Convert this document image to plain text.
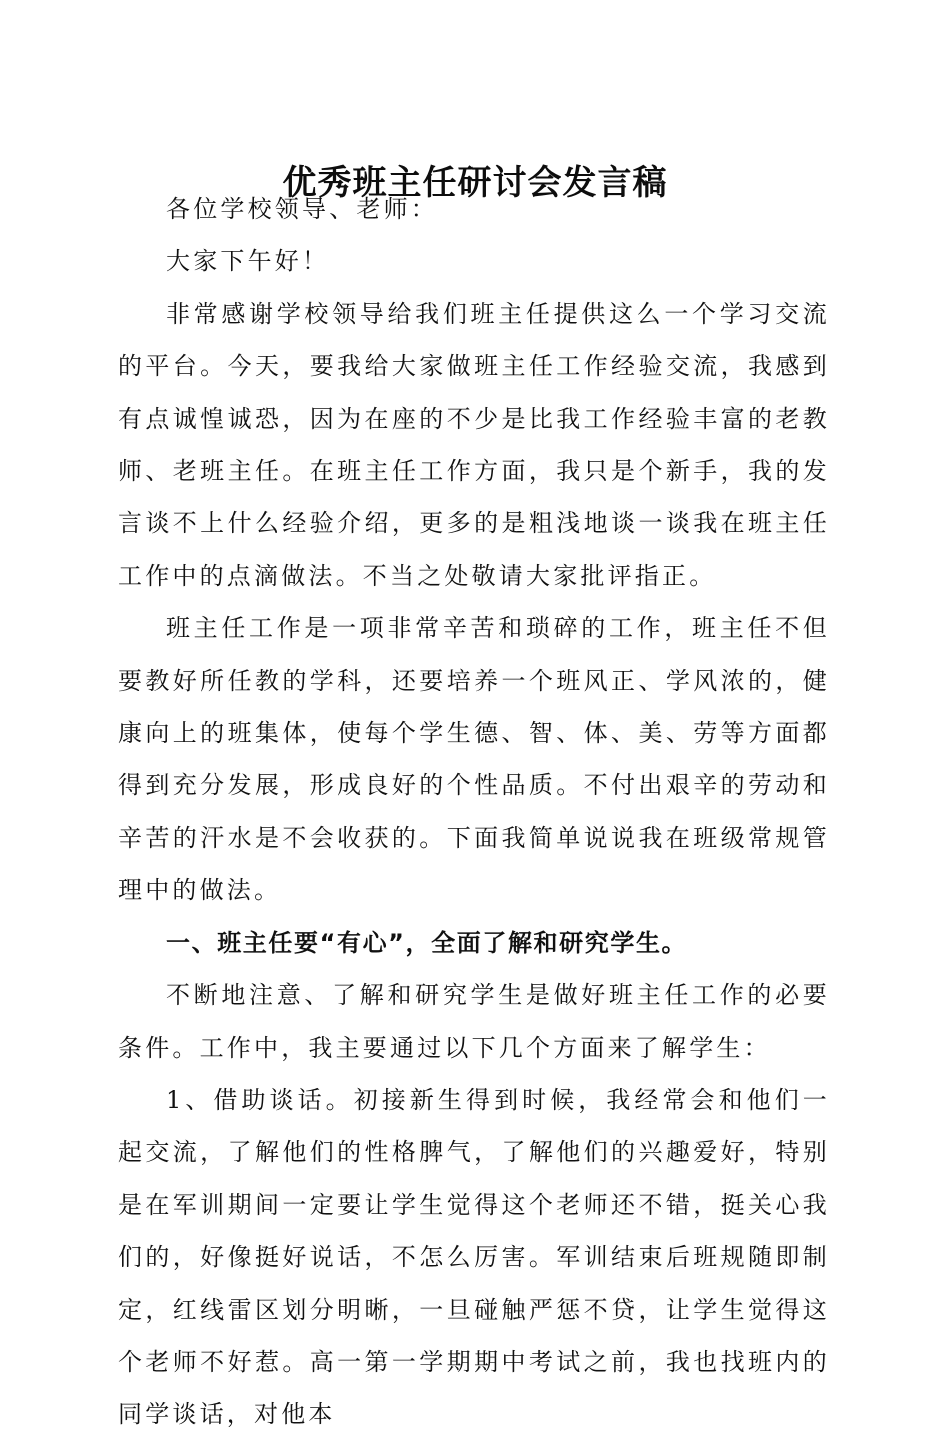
优秀班主任研讨会发言稿

各位学校领导、老师：

大家下午好！

非常感谢学校领导给我们班主任提供这么一个学习交流的平台。今天，要我给大家做班主任工作经验交流，我感到有点诚惶诚恐，因为在座的不少是比我工作经验丰富的老教师、老班主任。在班主任工作方面，我只是个新手，我的发言谈不上什么经验介绍，更多的是粗浅地谈一谈我在班主任工作中的点滴做法。不当之处敬请大家批评指正。

班主任工作是一项非常辛苦和琐碎的工作，班主任不但要教好所任教的学科，还要培养一个班风正、学风浓的，健康向上的班集体，使每个学生德、智、体、美、劳等方面都得到充分发展，形成良好的个性品质。不付出艰辛的劳动和辛苦的汗水是不会收获的。下面我简单说说我在班级常规管理中的做法。

一、班主任要“有心”，全面了解和研究学生。

不断地注意、了解和研究学生是做好班主任工作的必要条件。工作中，我主要通过以下几个方面来了解学生：

1、借助谈话。初接新生得到时候，我经常会和他们一起交流，了解他们的性格脾气，了解他们的兴趣爱好，特别是在军训期间一定要让学生觉得这个老师还不错，挺关心我们的，好像挺好说话，不怎么厉害。军训结束后班规随即制定，红线雷区划分明晰，一旦碰触严惩不贷，让学生觉得这个老师不好惹。高一第一学期期中考试之前，我也找班内的同学谈话，对他本
